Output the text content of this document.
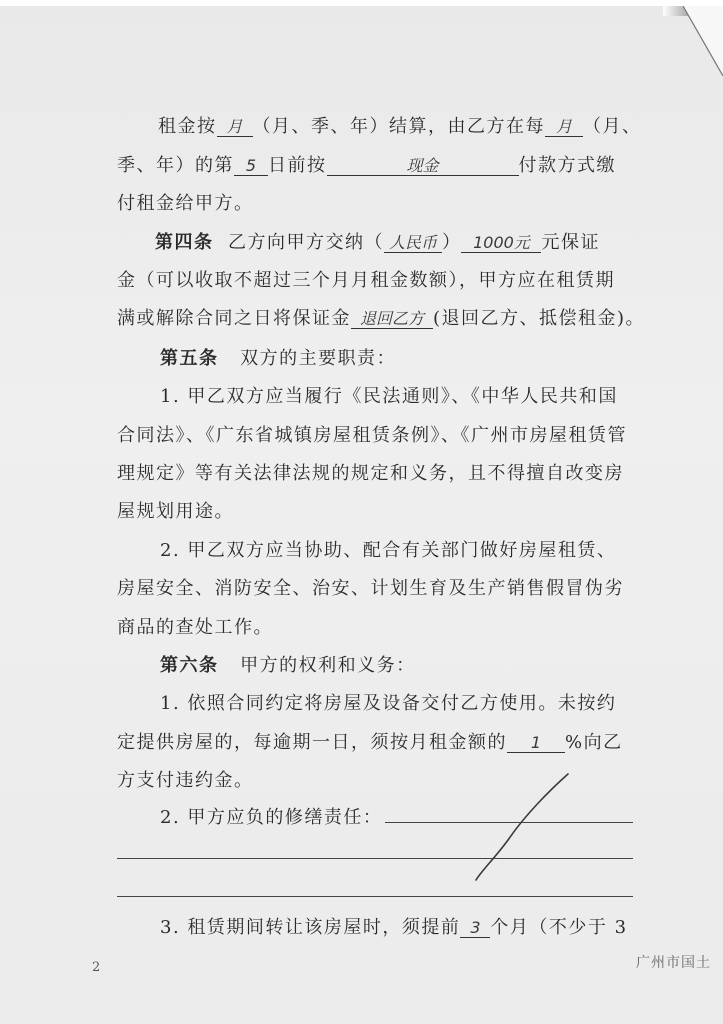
租金按 月 （月、季、年）结算，由乙方在每 月 （月、
季、年）的第 5 日前按	现金	付款方式缴
付租金给甲方。
第四条 乙方向甲方交纳（ 人民币 ） 1000元 元保证
金（可以收取不超过三个月月租金数额），甲方应在租赁期
满或解除合同之日将保证金 退回乙方 (退回乙方、抵偿租金)。
第五条 双方的主要职责：
1. 甲乙双方应当履行《民法通则》、《中华人民共和国
合同法》、《广东省城镇房屋租赁条例》、《广州市房屋租赁管
理规定》等有关法律法规的规定和义务，且不得擅自改变房
屋规划用途。
2. 甲乙双方应当协助、配合有关部门做好房屋租赁、
房屋安全、消防安全、治安、计划生育及生产销售假冒伪劣
商品的查处工作。
第六条 甲方的权利和义务：
1. 依照合同约定将房屋及设备交付乙方使用。未按约
定提供房屋的，每逾期一日，须按月租金额的 1 %向乙
方支付违约金。
2. 甲方应负的修缮责任：
3. 租赁期间转让该房屋时，须提前 3 个月（不少于 3
2	广州市国土
